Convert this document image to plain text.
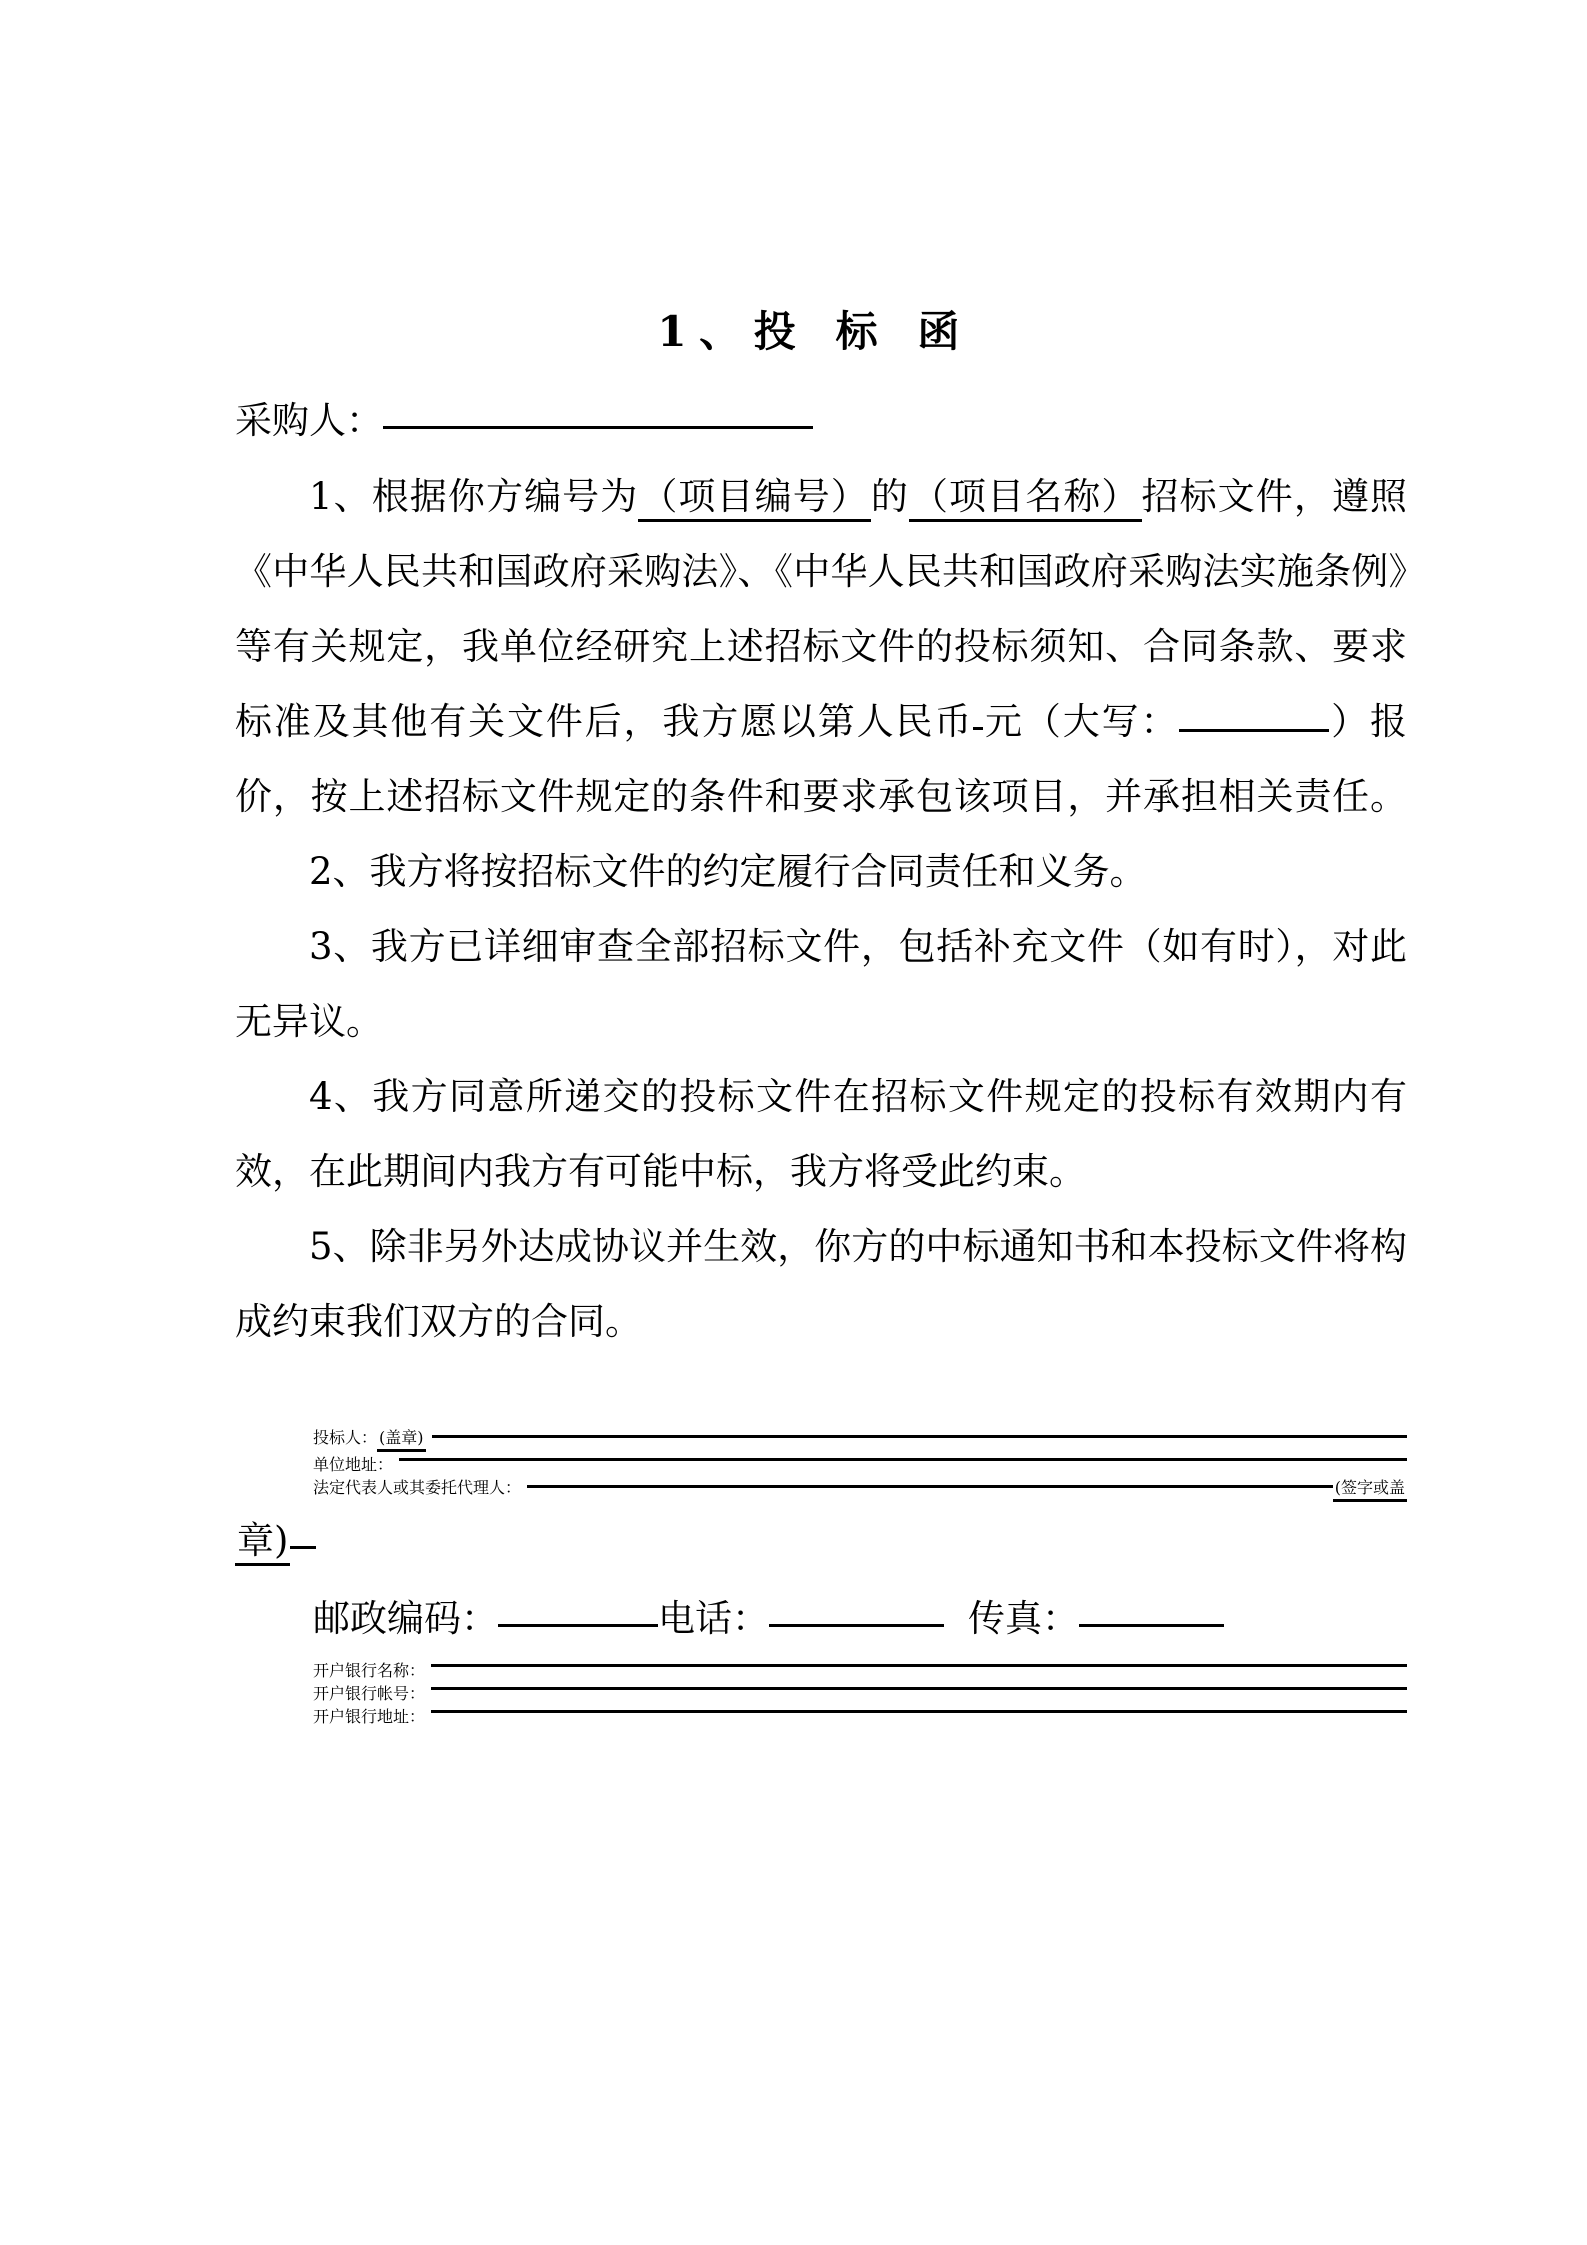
1、投 标 函

采购人：

1、根据你方编号为（项目编号）的（项目名称）招标文件，遵照《中华人民共和国政府采购法》、《中华人民共和国政府采购法实施条例》等有关规定，我单位经研究上述招标文件的投标须知、合同条款、要求标准及其他有关文件后，我方愿以第人民币 元（大写：	）报价，按上述招标文件规定的条件和要求承包该项目，并承担相关责任。

2、我方将按招标文件的约定履行合同责任和义务。

3、我方已详细审查全部招标文件，包括补充文件（如有时），对此无异议。

4、我方同意所递交的投标文件在招标文件规定的投标有效期内有效，在此期间内我方有可能中标，我方将受此约束。

5、除非另外达成协议并生效，你方的中标通知书和本投标文件将构成约束我们双方的合同。

投标人： (盖章)
单位地址：
法定代表人或其委托代理人：	(签字或盖
章)

邮政编码：	电话：	传真：

开户银行名称：
开户银行帐号：
开户银行地址：
